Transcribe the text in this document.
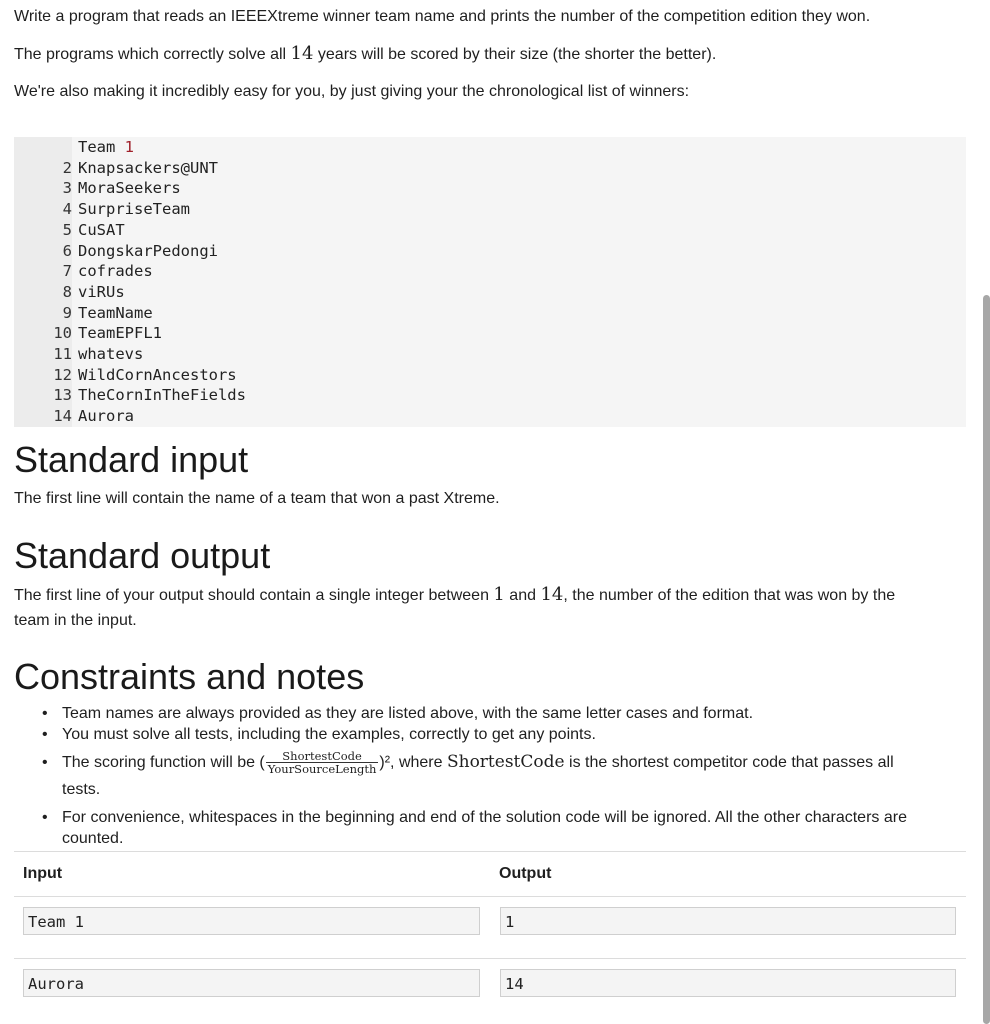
Write a program that reads an IEEEXtreme winner team name and prints the number of the competition edition they won.

The programs which correctly solve all 14 years will be scored by their size (the shorter the better).

We're also making it incredibly easy for you, by just giving your the chronological list of winners:

Team 1
2 Knapsackers@UNT
3 MoraSeekers
4 SurpriseTeam
5 CuSAT
6 DongskarPedongi
7 cofrades
8 viRUs
9 TeamName
10 TeamEPFL1
11 whatevs
12 WildCornAncestors
13 TheCornInTheFields
14 Aurora
Standard input

The first line will contain the name of a team that won a past Xtreme.

Standard output
The first line of your output should contain a single integer between 1 and 14, the number of the edition that was won by the
team in the input.
Constraints and notes
• Team names are always provided as they are listed above, with the same letter cases and format.
• You must solve all tests, including the examples, correctly to get any points.
• The scoring function will be ( $\frac{\text{ShortestCode}}{\text{YourSourceLength}} )^2$, where ShortestCode is the shortest competitor code that passes all
tests.
• For convenience, whitespaces in the beginning and end of the solution code will be ignored. All the other characters are
counted.
Input	Output
Team 1	1
Aurora	14
